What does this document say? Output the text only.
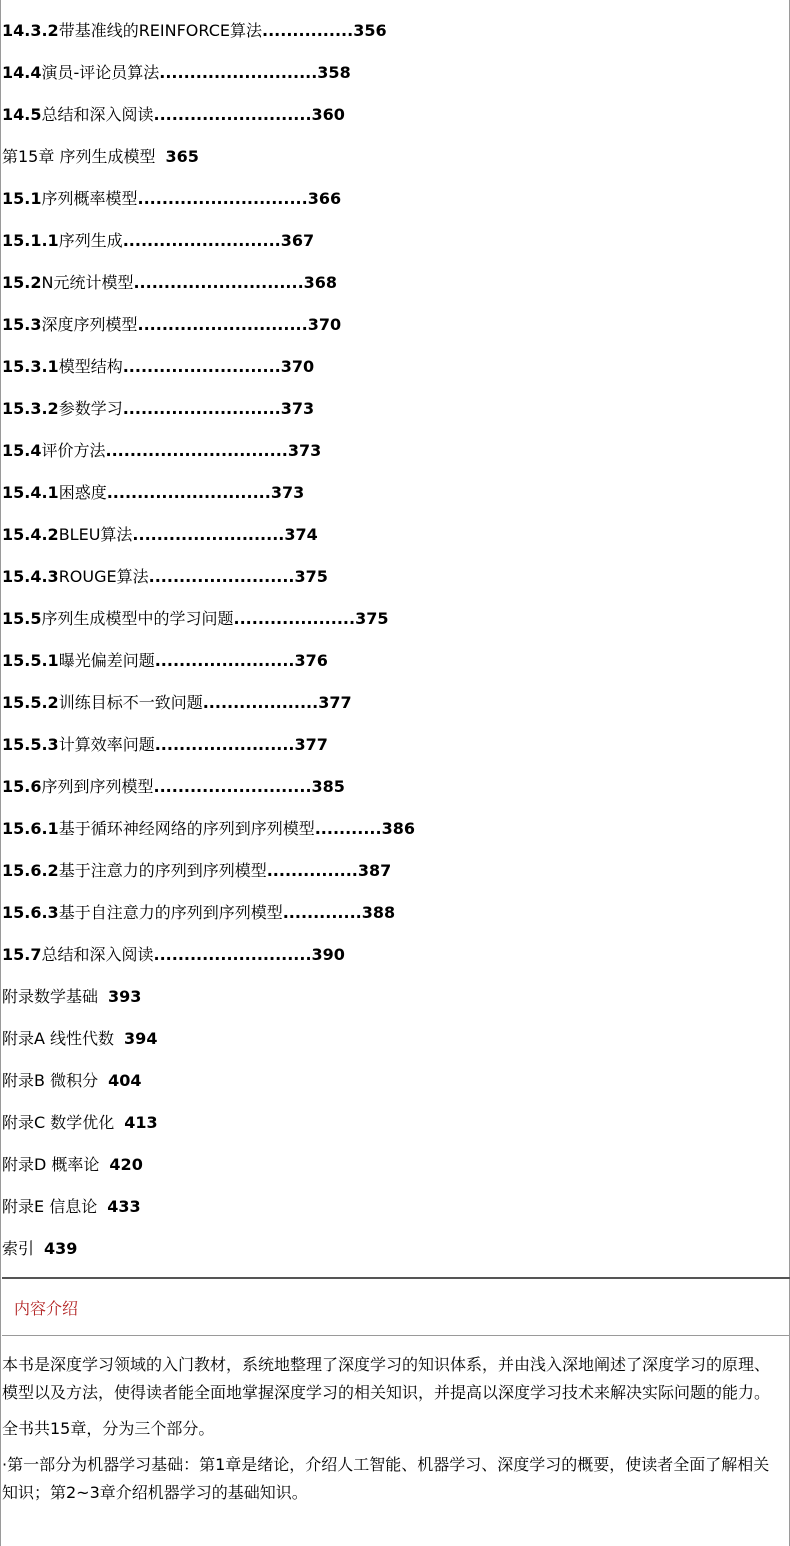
14.3.2带基准线的REINFORCE算法...............356
14.4演员-评论员算法..........................358
14.5总结和深入阅读..........................360
第15章 序列生成模型 365
15.1序列概率模型............................366
15.1.1序列生成..........................367
15.2N元统计模型............................368
15.3深度序列模型............................370
15.3.1模型结构..........................370
15.3.2参数学习..........................373
15.4评价方法..............................373
15.4.1困惑度...........................373
15.4.2BLEU算法.........................374
15.4.3ROUGE算法........................375
15.5序列生成模型中的学习问题....................375
15.5.1曝光偏差问题.......................376
15.5.2训练目标不一致问题...................377
15.5.3计算效率问题.......................377
15.6序列到序列模型..........................385
15.6.1基于循环神经网络的序列到序列模型...........386
15.6.2基于注意力的序列到序列模型...............387
15.6.3基于自注意力的序列到序列模型.............388
15.7总结和深入阅读..........................390
附录数学基础 393
附录A 线性代数 394
附录B 微积分 404
附录C 数学优化 413
附录D 概率论 420
附录E 信息论 433
索引 439
内容介绍

本书是深度学习领域的入门教材，系统地整理了深度学习的知识体系，并由浅入深地阐述了深度学习的原理、模型以及方法，使得读者能全面地掌握深度学习的相关知识，并提高以深度学习技术来解决实际问题的能力。

全书共15章，分为三个部分。

·第一部分为机器学习基础：第1章是绪论，介绍人工智能、机器学习、深度学习的概要，使读者全面了解相关知识；第2~3章介绍机器学习的基础知识。
